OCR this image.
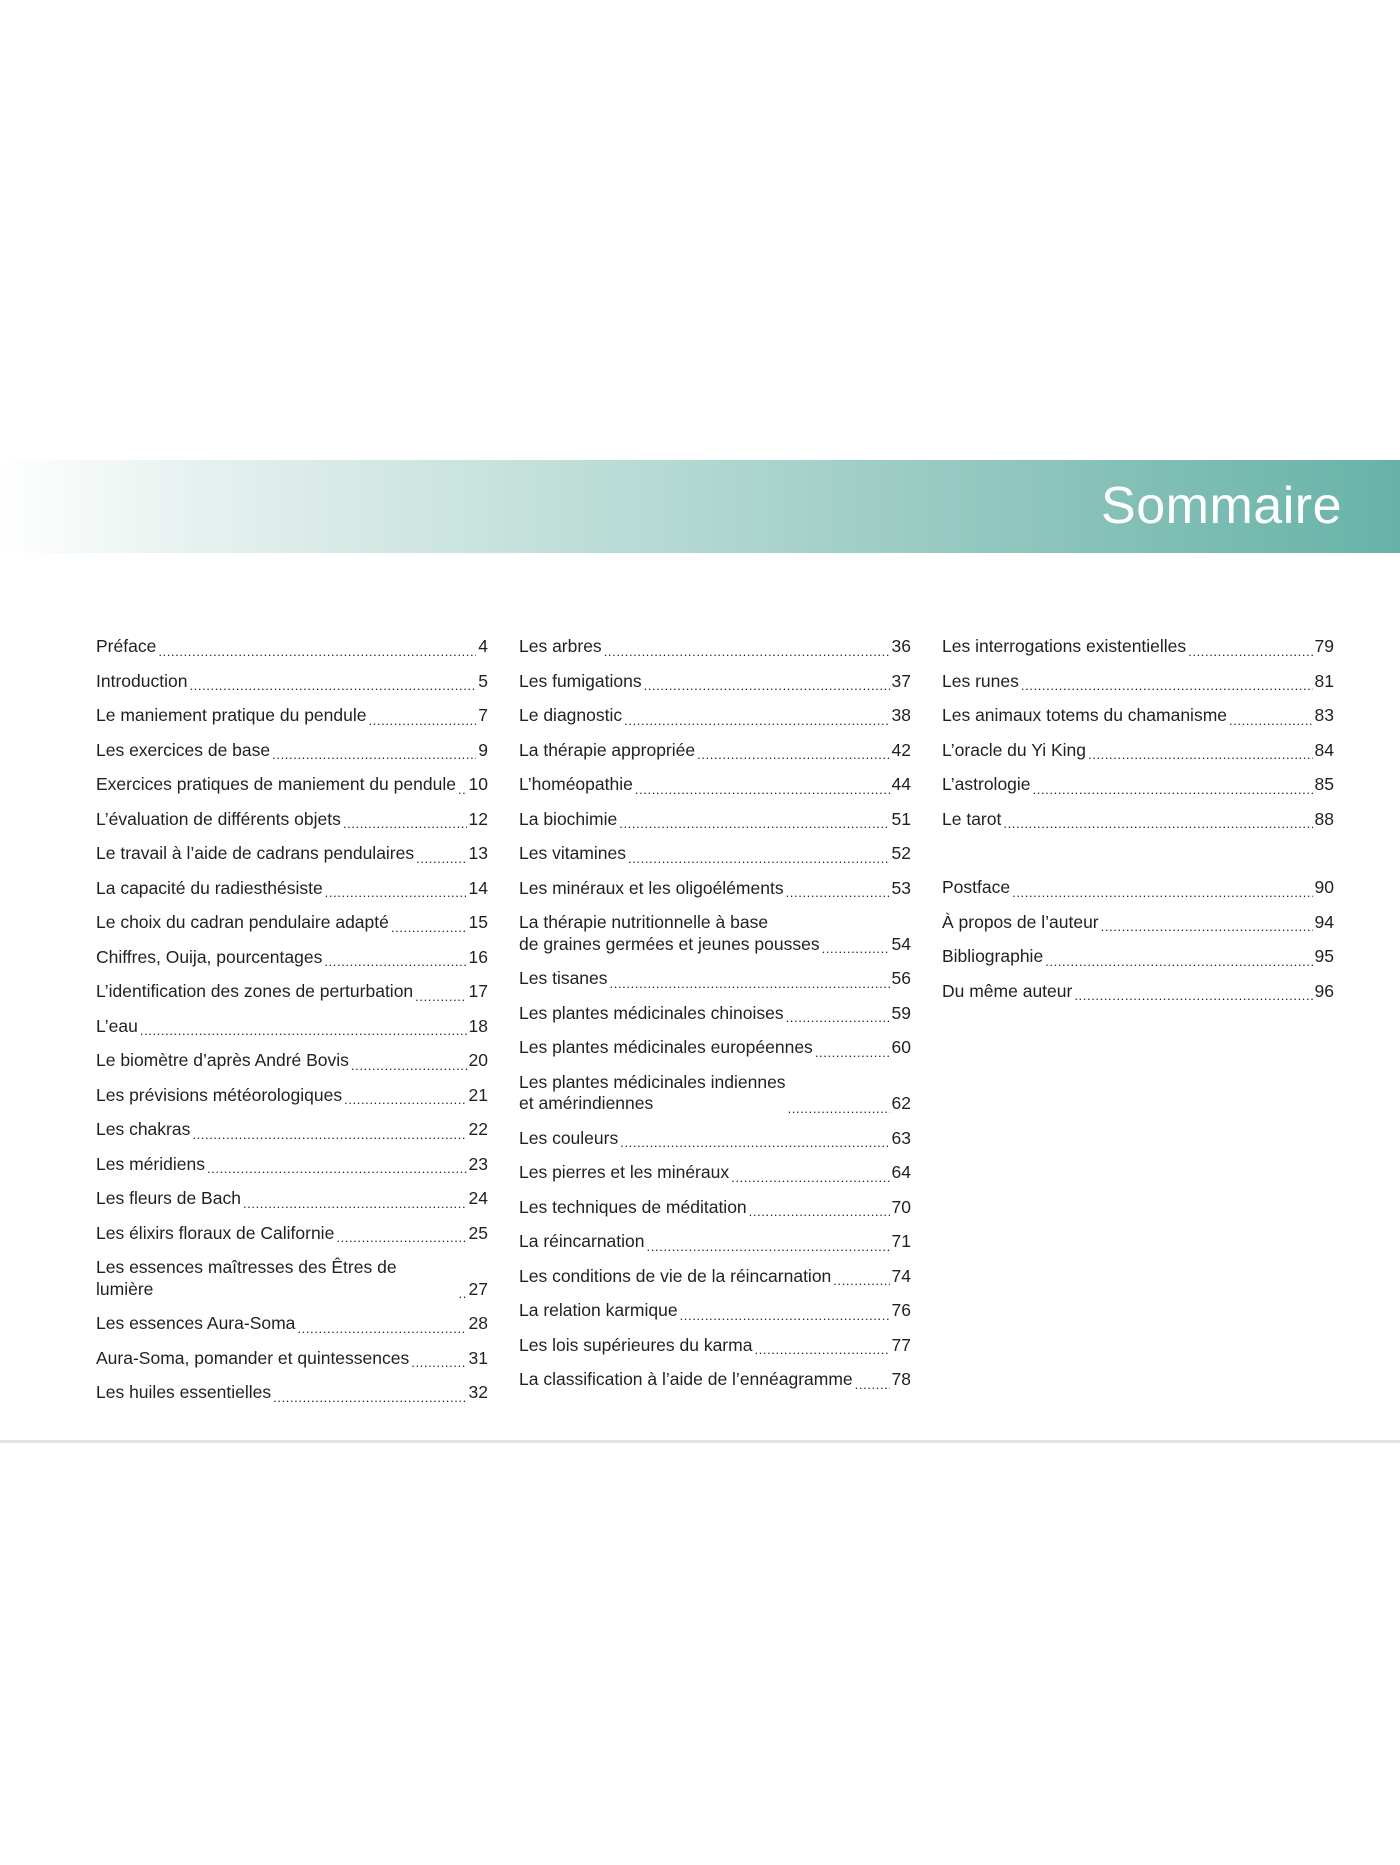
Sommaire
Préface .....	4
Introduction .....	5
Le maniement pratique du pendule .....	7
Les exercices de base .....	9
Exercices pratiques de maniement du pendule ..... 10
L’évaluation de différents objets .....	12
Le travail à l’aide de cadrans pendulaires .....	13
La capacité du radiesthésiste .....	14
Le choix du cadran pendulaire adapté .....	15
Chiffres, Ouija, pourcentages .....	16
L’identification des zones de perturbation .....	17
L’eau .....	18
Le biomètre d’après André Bovis .....	20
Les prévisions météorologiques .....	21
Les chakras .....	22
Les méridiens .....	23
Les fleurs de Bach .....	24
Les élixirs floraux de Californie .....	25
Les essences maîtresses des Êtres de lumière .....	27
Les essences Aura-Soma .....	28
Aura-Soma, pomander et quintessences .....	31
Les huiles essentielles .....	32
Les arbres .....	36
Les fumigations .....	37
Le diagnostic .....	38
La thérapie appropriée .....	42
L’homéopathie .....	44
La biochimie .....	51
Les vitamines .....	52
Les minéraux et les oligoéléments .....	53
La thérapie nutritionnelle à base
de graines germées et jeunes pousses .....	54
Les tisanes .....	56
Les plantes médicinales chinoises .....	59
Les plantes médicinales européennes .....	60
Les plantes médicinales indiennes
et amérindiennes .....	62
Les couleurs .....	63
Les pierres et les minéraux .....	64
Les techniques de méditation .....	70
La réincarnation .....	71
Les conditions de vie de la réincarnation .....	74
La relation karmique .....	76
Les lois supérieures du karma .....	77
La classification à l’aide de l’ennéagramme ..... 78
Les interrogations existentielles .....	79
Les runes .....	81
Les animaux totems du chamanisme .....	83
L’oracle du Yi King .....	84
L’astrologie .....	85
Le tarot .....	88
Postface .....	90
À propos de l’auteur .....	94
Bibliographie .....	95
Du même auteur .....	96
